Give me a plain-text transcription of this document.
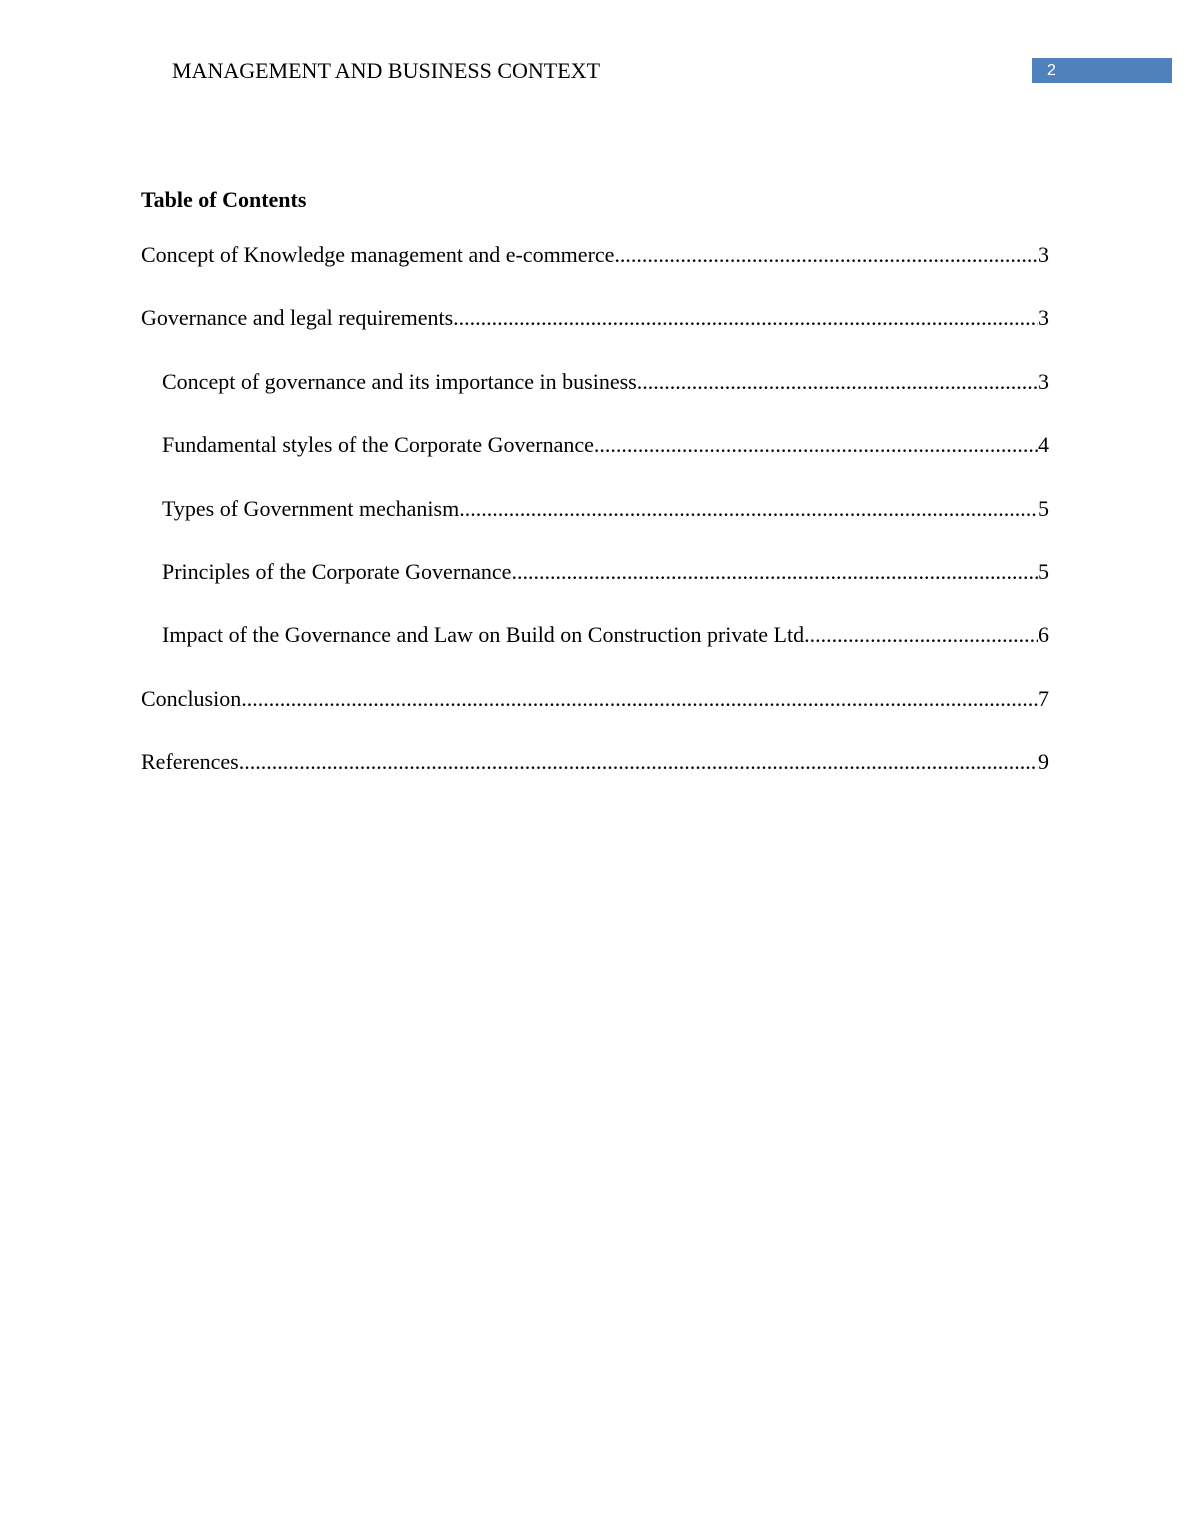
MANAGEMENT AND BUSINESS CONTEXT	2
Table of Contents
Concept of Knowledge management and e-commerce .....	3
Governance and legal requirements .....	3
Concept of governance and its importance in business .....	3
Fundamental styles of the Corporate Governance .....	4
Types of Government mechanism .....	5
Principles of the Corporate Governance .....	5
Impact of the Governance and Law on Build on Construction private Ltd .....	6
Conclusion .....	7
References .....	9
